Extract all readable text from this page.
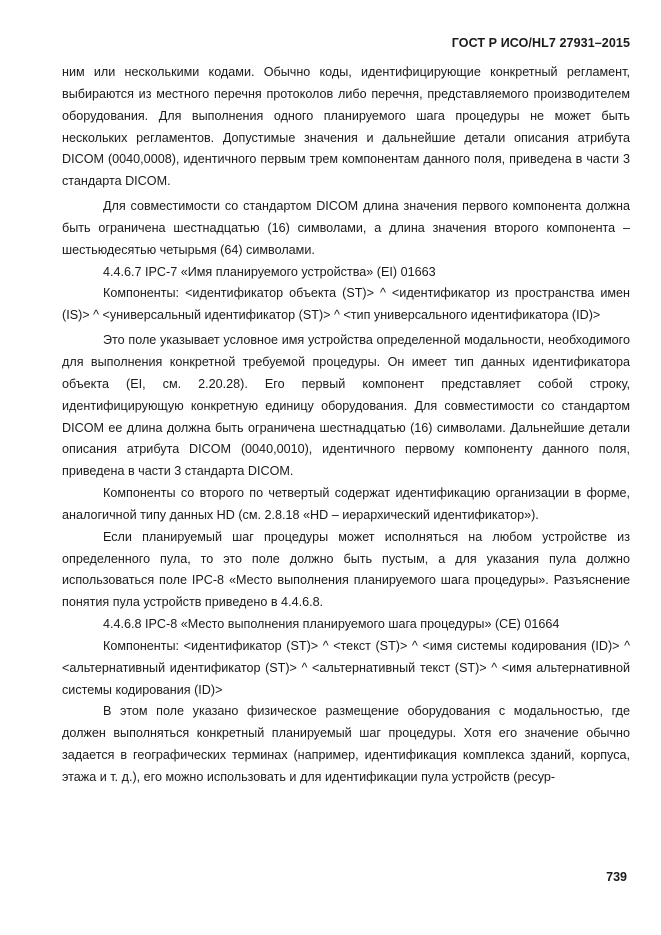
ГОСТ Р ИСО/HL7 27931–2015

ним или несколькими кодами. Обычно коды, идентифицирующие конкретный регламент, выбираются из местного перечня протоколов либо перечня, представляемого производителем оборудования. Для выполнения одного планируемого шага процедуры не может быть нескольких регламентов. Допустимые значения и дальнейшие детали описания атрибута DICOM (0040,0008), идентичного первым трем компонентам данного поля, приведена в части 3 стандарта DICOM.

Для совместимости со стандартом DICOM длина значения первого компонента должна быть ограничена шестнадцатью (16) символами, а длина значения второго компонента – шестьюдесятью четырьмя (64) символами.

4.4.6.7 IPC-7 «Имя планируемого устройства» (EI) 01663

Компоненты: <идентификатор объекта (ST)> ^ <идентификатор из пространства имен (IS)> ^ <универсальный идентификатор (ST)> ^ <тип универсального идентификатора (ID)>

Это поле указывает условное имя устройства определенной модальности, необходимого для выполнения конкретной требуемой процедуры. Он имеет тип данных идентификатора объекта (EI, см. 2.20.28). Его первый компонент представляет собой строку, идентифицирующую конкретную единицу оборудования. Для совместимости со стандартом DICOM ее длина должна быть ограничена шестнадцатью (16) символами. Дальнейшие детали описания атрибута DICOM (0040,0010), идентичного первому компоненту данного поля, приведена в части 3 стандарта DICOM.

Компоненты со второго по четвертый содержат идентификацию организации в форме, аналогичной типу данных HD (см. 2.8.18 «HD – иерархический идентификатор»).

Если планируемый шаг процедуры может исполняться на любом устройстве из определенного пула, то это поле должно быть пустым, а для указания пула должно использоваться поле IPC-8 «Место выполнения планируемого шага процедуры». Разъяснение понятия пула устройств приведено в 4.4.6.8.

4.4.6.8 IPC-8 «Место выполнения планируемого шага процедуры» (CE) 01664

Компоненты: <идентификатор (ST)> ^ <текст (ST)> ^ <имя системы кодирования (ID)> ^ <альтернативный идентификатор (ST)> ^ <альтернативный текст (ST)> ^ <имя альтернативной системы кодирования (ID)>

В этом поле указано физическое размещение оборудования с модальностью, где должен выполняться конкретный планируемый шаг процедуры. Хотя его значение обычно задается в географических терминах (например, идентификация комплекса зданий, корпуса, этажа и т. д.), его можно использовать и для идентификации пула устройств (ресур-

739
